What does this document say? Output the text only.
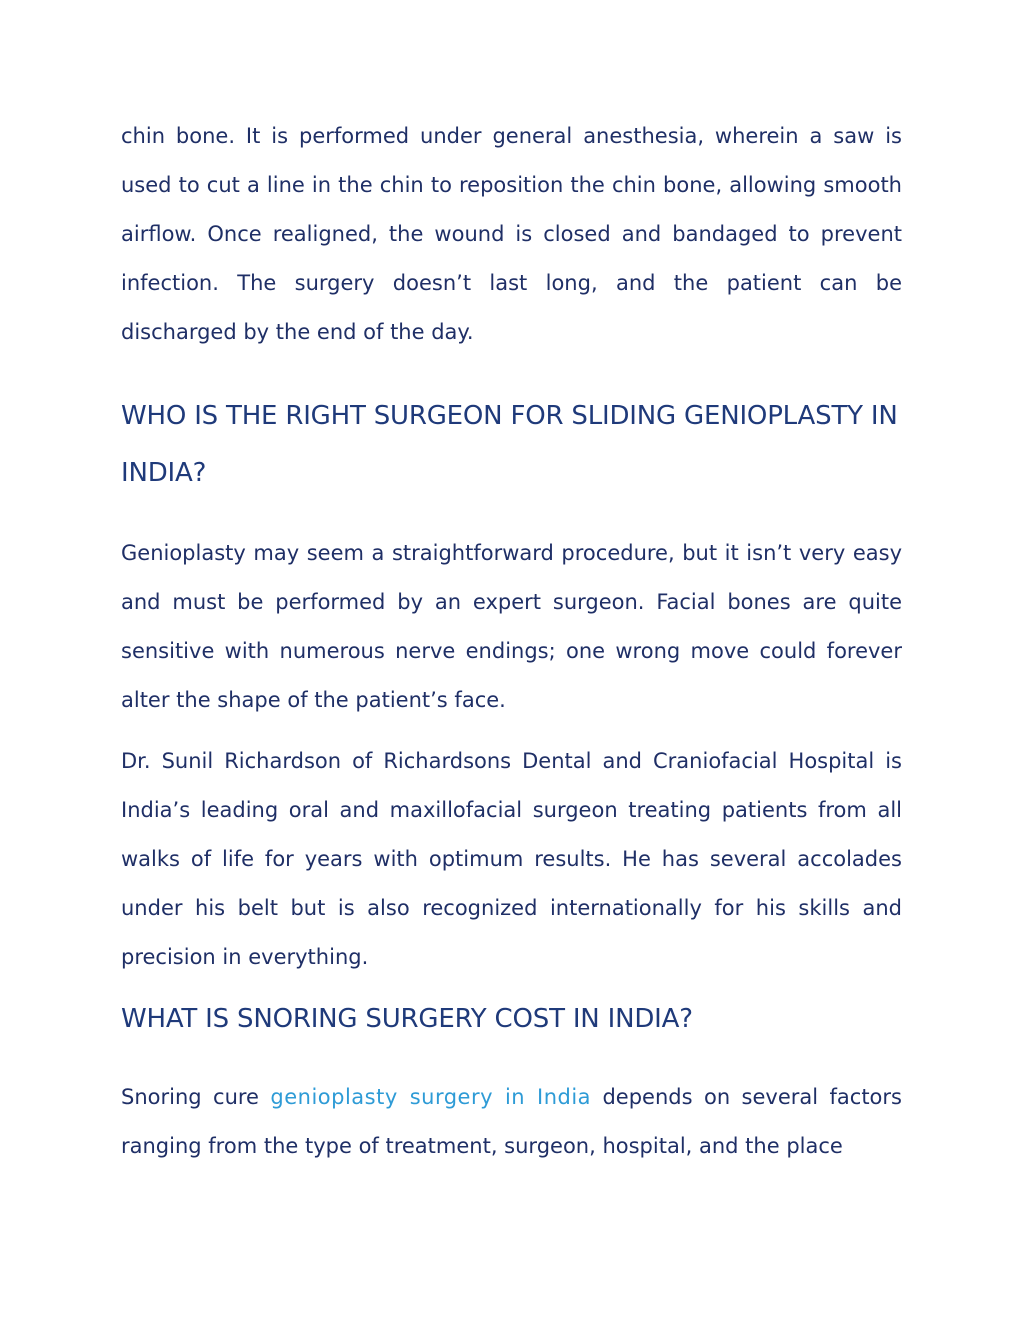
chin bone. It is performed under general anesthesia, wherein a saw is used to cut a line in the chin to reposition the chin bone, allowing smooth airflow. Once realigned, the wound is closed and bandaged to prevent infection. The surgery doesn’t last long, and the patient can be discharged by the end of the day.

WHO IS THE RIGHT SURGEON FOR SLIDING GENIOPLASTY IN INDIA?

Genioplasty may seem a straightforward procedure, but it isn’t very easy and must be performed by an expert surgeon. Facial bones are quite sensitive with numerous nerve endings; one wrong move could forever alter the shape of the patient’s face.

Dr. Sunil Richardson of Richardsons Dental and Craniofacial Hospital is India’s leading oral and maxillofacial surgeon treating patients from all walks of life for years with optimum results. He has several accolades under his belt but is also recognized internationally for his skills and precision in everything.

WHAT IS SNORING SURGERY COST IN INDIA?

Snoring cure genioplasty surgery in India depends on several factors ranging from the type of treatment, surgeon, hospital, and the place
